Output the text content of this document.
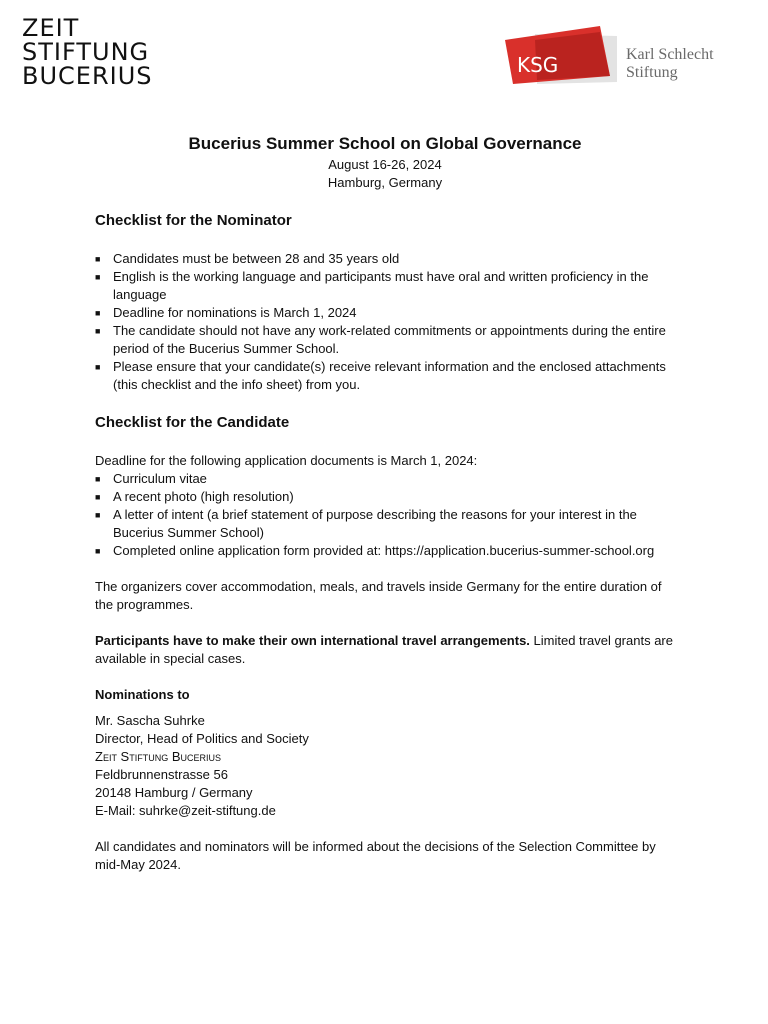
ZEIT
STIFTUNG
BUCERIUS	KSG	Karl Schlecht
Stiftung
Bucerius Summer School on Global Governance
August 16-26, 2024
Hamburg, Germany
Checklist for the Nominator
■ Candidates must be between 28 and 35 years old
■ English is the working language and participants must have oral and written proficiency in the language
■ Deadline for nominations is March 1, 2024
■ The candidate should not have any work-related commitments or appointments during the entire period of the Bucerius Summer School.
■ Please ensure that your candidate(s) receive relevant information and the enclosed attachments (this checklist and the info sheet) from you.
Checklist for the Candidate

Deadline for the following application documents is March 1, 2024:

■ Curriculum vitae
■ A recent photo (high resolution)
■ A letter of intent (a brief statement of purpose describing the reasons for your interest in the Bucerius Summer School)
■ Completed online application form provided at: https://application.bucerius-summer-school.org

The organizers cover accommodation, meals, and travels inside Germany for the entire duration of the programmes.

Participants have to make their own international travel arrangements. Limited travel grants are available in special cases.

Nominations to

Mr. Sascha Suhrke
Director, Head of Politics and Society
Zeit Stiftung Bucerius
Feldbrunnenstrasse 56
20148 Hamburg / Germany
E-Mail: suhrke@zeit-stiftung.de

All candidates and nominators will be informed about the decisions of the Selection Committee by mid-May 2024.
